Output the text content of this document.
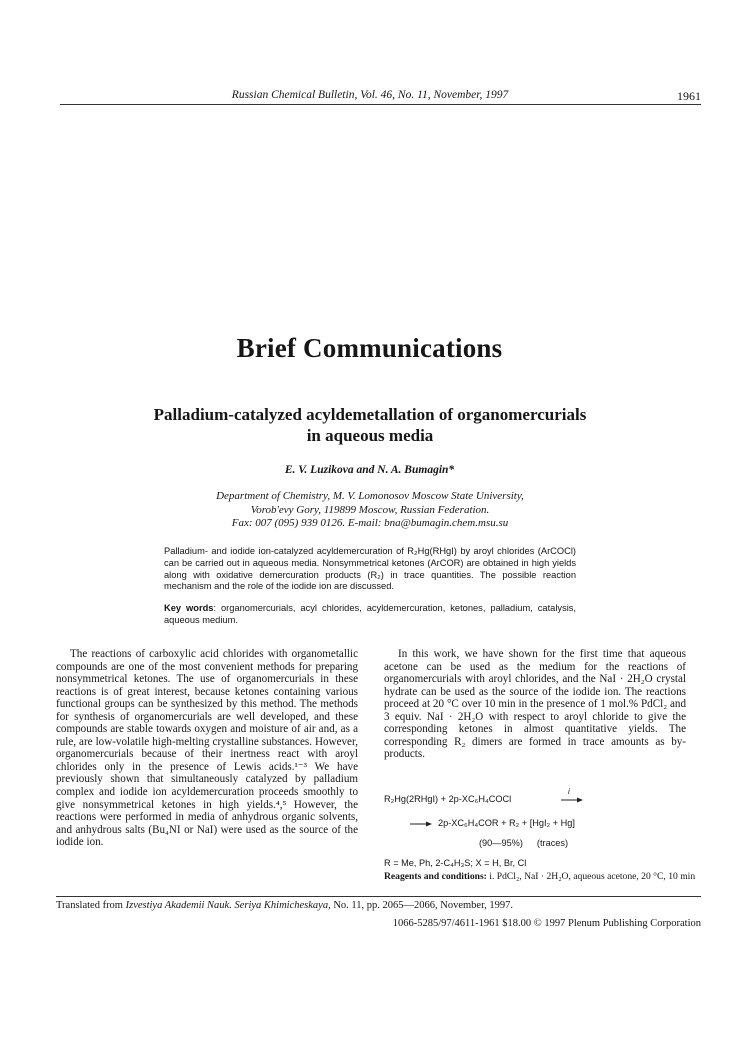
Russian Chemical Bulletin, Vol. 46, No. 11, November, 1997	1961
Brief Communications
Palladium-catalyzed acyldemetallation of organomercurials
in aqueous media
E. V. Luzikova and N. A. Bumagin*
Department of Chemistry, M. V. Lomonosov Moscow State University,
Vorob'evy Gory, 119899 Moscow, Russian Federation.
Fax: 007 (095) 939 0126. E-mail: bna@bumagin.chem.msu.su
Palladium- and iodide ion-catalyzed acyldemercuration of R₂Hg(RHgI) by aroyl chlorides (ArCOCl) can be carried out in aqueous media. Nonsymmetrical ketones (ArCOR) are obtained in high yields along with oxidative demercuration products (R₂) in trace quantities. The possible reaction mechanism and the role of the iodide ion are discussed.
Key words: organomercurials, acyl chlorides, acyldemercuration, ketones, palladium, catalysis, aqueous medium.

The reactions of carboxylic acid chlorides with organometallic compounds are one of the most convenient methods for preparing nonsymmetrical ketones. The use of organomercurials in these reactions is of great interest, because ketones containing various functional groups can be synthesized by this method. The methods for synthesis of organomercurials are well developed, and these compounds are stable towards oxygen and moisture of air and, as a rule, are low-volatile high-melting crystalline substances. However, organomercurials because of their inertness react with aroyl chlorides only in the presence of Lewis acids.¹⁻³ We have previously shown that simultaneously catalyzed by palladium complex and iodide ion acyldemercuration proceeds smoothly to give nonsymmetrical ketones in high yields.⁴,⁵ However, the reactions were performed in media of anhydrous organic solvents, and anhydrous salts (Bu₄NI or NaI) were used as the source of the iodide ion.

In this work, we have shown for the first time that aqueous acetone can be used as the medium for the reactions of organomercurials with aroyl chlorides, and the NaI · 2H₂O crystal hydrate can be used as the source of the iodide ion. The reactions proceed at 20 °C over 10 min in the presence of 1 mol.% PdCl₂ and 3 equiv. NaI · 2H₂O with respect to aroyl chloride to give the corresponding ketones in almost quantitative yields. The corresponding R₂ dimers are formed in trace amounts as by-products.

R₂Hg(2RHgI) + 2p-XC₆H₄COCl
i
2p-XC₆H₄COR + R₂ + [HgI₂ + Hg]
(90—95%) (traces)
R = Me, Ph, 2-C₄H₃S; X = H, Br, Cl
Reagents and conditions: i. PdCl₂, NaI · 2H₂O, aqueous acetone, 20 °C, 10 min
Translated from Izvestiya Akademii Nauk. Seriya Khimicheskaya, No. 11, pp. 2065—2066, November, 1997.
1066-5285/97/4611-1961 $18.00 © 1997 Plenum Publishing Corporation
